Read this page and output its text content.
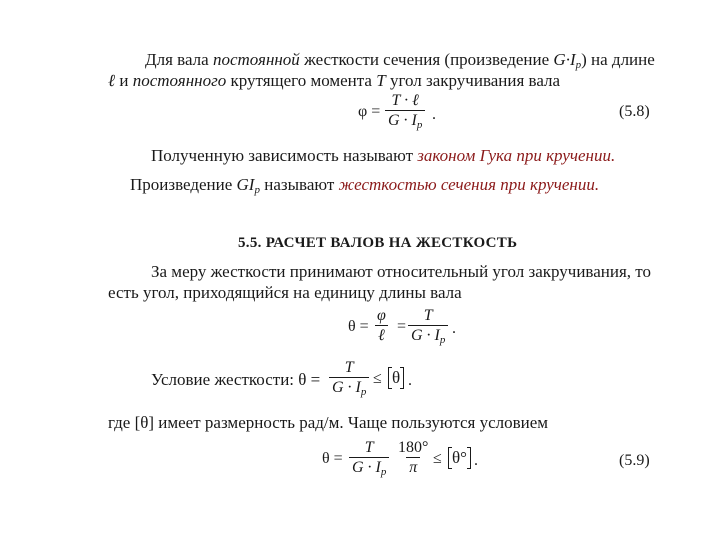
Для вала постоянной жесткости сечения (произведение $G\cdot I_p$) на длине
ℓ и постоянного крутящего момента T угол закручивания вала
φ =
T · ℓ
$G \cdot I_p$
.	(5.8)
Полученную зависимость называют законом Гука при кручении.
Произведение $GI_p$ называют жесткостью сечения при кручении.
5.5. РАСЧЕТ ВАЛОВ НА ЖЕСТКОСТЬ
За меру жесткости принимают относительный угол закручивания, то
есть угол, приходящийся на единицу длины вала
θ =
φ
ℓ
= $\frac{T}{G \cdot I_p}$ .
Условие жесткости: $\theta = \frac{T}{G \cdot I_p} \le \theta$ .
где [θ] имеет размерность рад/м. Чаще пользуются условием
$\theta = \frac{T}{G \cdot I_p} \frac{180^\circ}{\pi} \le \theta^\circ$ .	(5.9)
